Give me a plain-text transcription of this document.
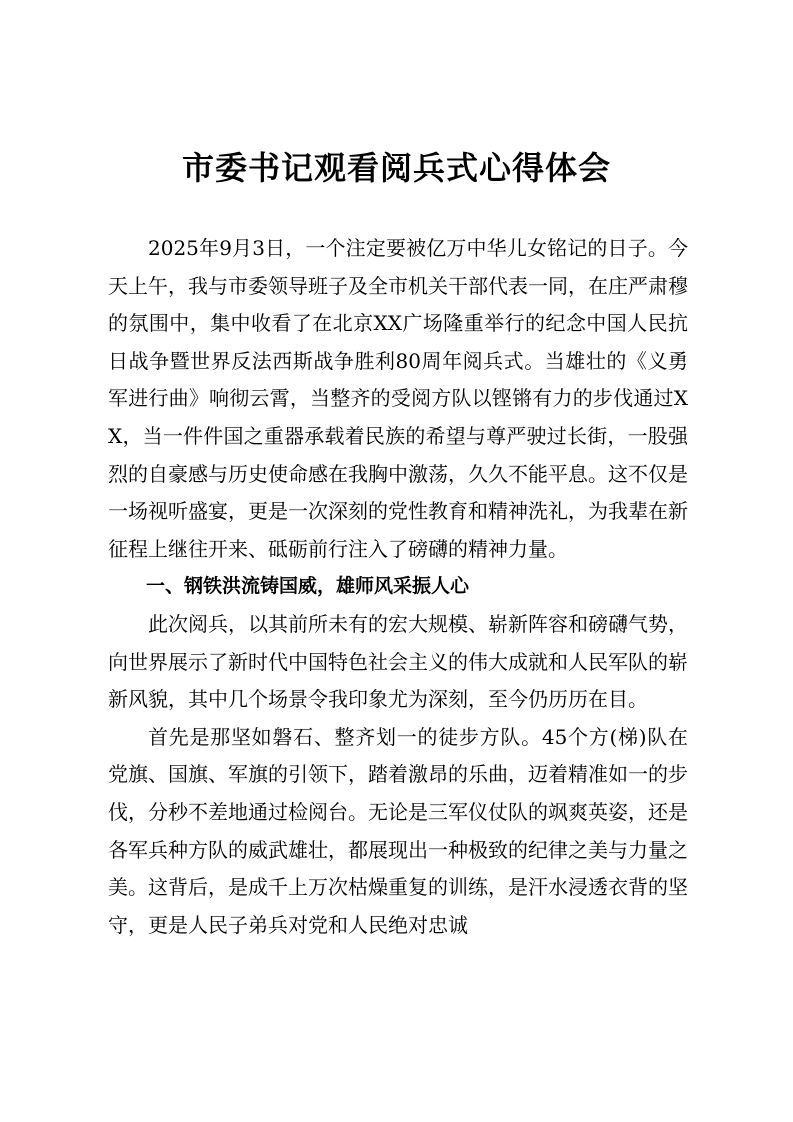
市委书记观看阅兵式心得体会

2025年9月3日，一个注定要被亿万中华儿女铭记的日子。今天上午，我与市委领导班子及全市机关干部代表一同，在庄严肃穆的氛围中，集中收看了在北京XX广场隆重举行的纪念中国人民抗日战争暨世界反法西斯战争胜利80周年阅兵式。当雄壮的《义勇军进行曲》响彻云霄，当整齐的受阅方队以铿锵有力的步伐通过XX，当一件件国之重器承载着民族的希望与尊严驶过长街，一股强烈的自豪感与历史使命感在我胸中激荡，久久不能平息。这不仅是一场视听盛宴，更是一次深刻的党性教育和精神洗礼，为我辈在新征程上继往开来、砥砺前行注入了磅礴的精神力量。

一、钢铁洪流铸国威，雄师风采振人心

此次阅兵，以其前所未有的宏大规模、崭新阵容和磅礴气势，向世界展示了新时代中国特色社会主义的伟大成就和人民军队的崭新风貌，其中几个场景令我印象尤为深刻，至今仍历历在目。

首先是那坚如磐石、整齐划一的徒步方队。45个方(梯)队在党旗、国旗、军旗的引领下，踏着激昂的乐曲，迈着精准如一的步伐，分秒不差地通过检阅台。无论是三军仪仗队的飒爽英姿，还是各军兵种方队的威武雄壮，都展现出一种极致的纪律之美与力量之美。这背后，是成千上万次枯燥重复的训练，是汗水浸透衣背的坚守，更是人民子弟兵对党和人民绝对忠诚
